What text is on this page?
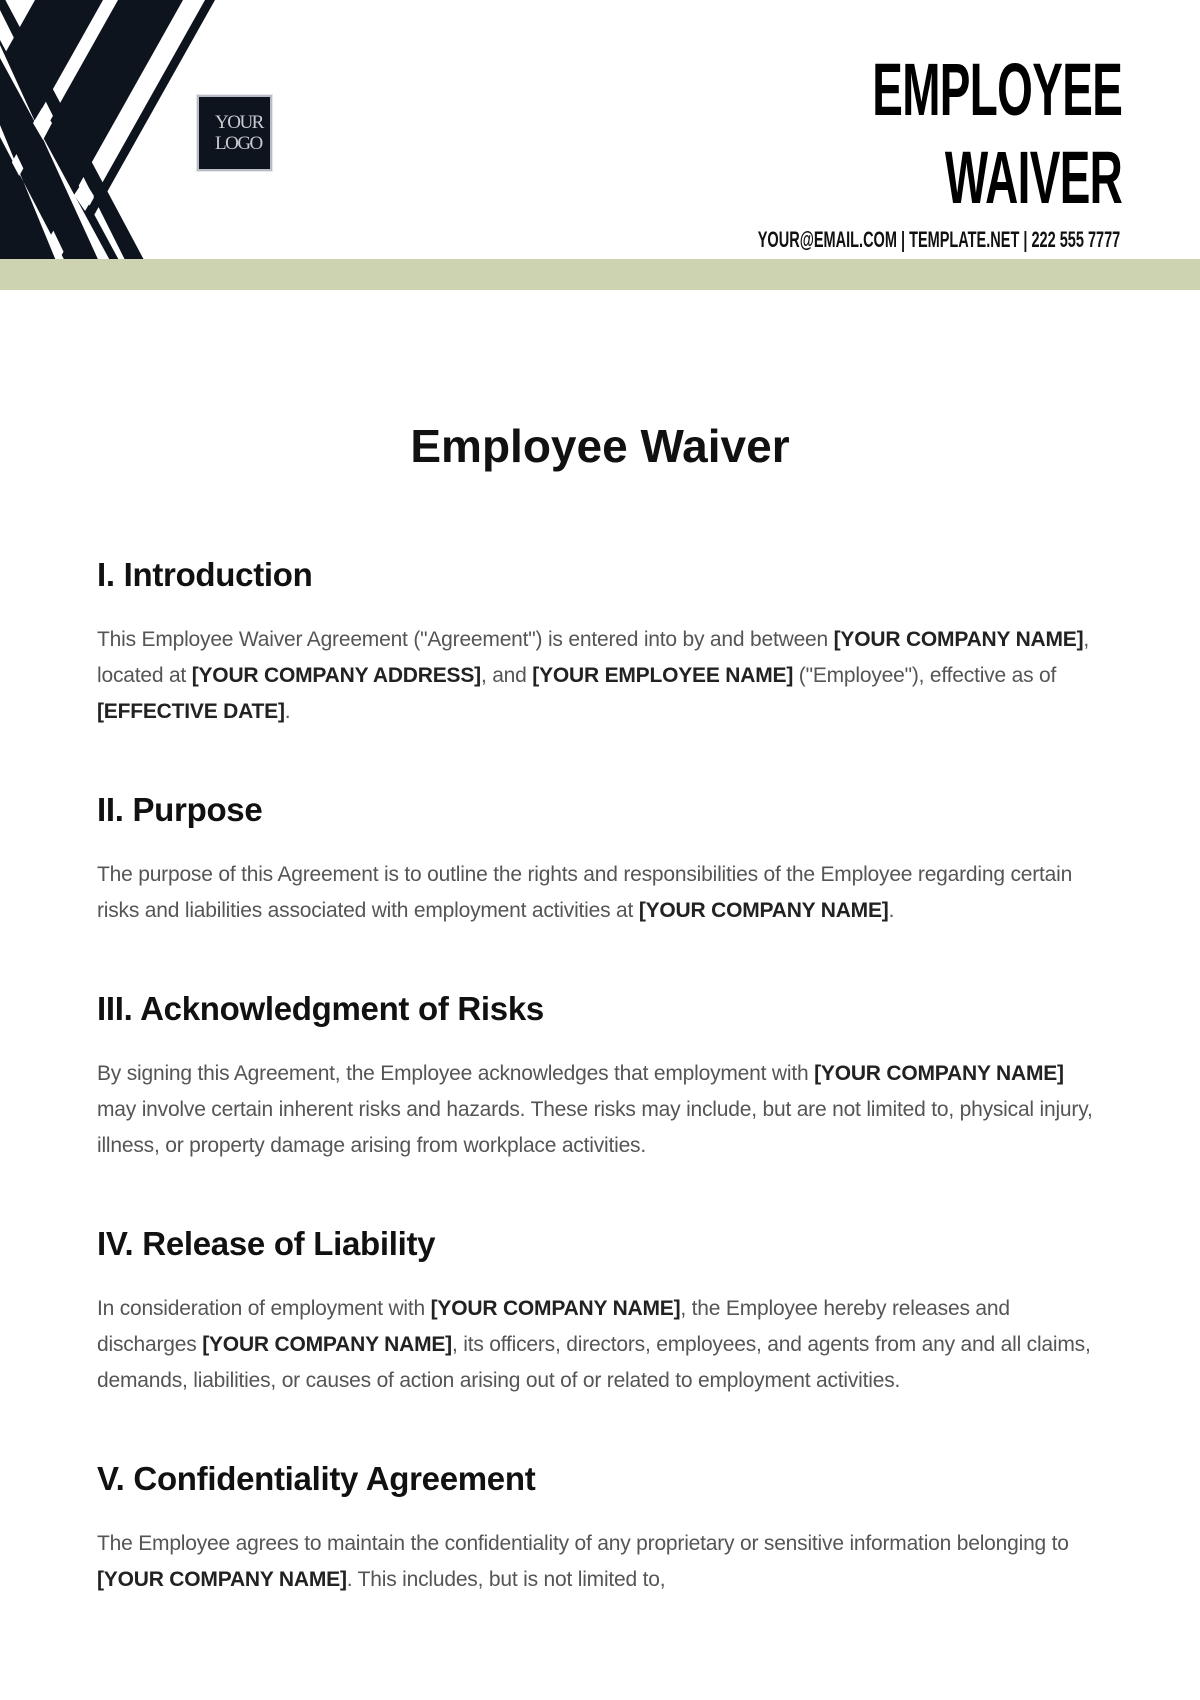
YOUR
LOGO
EMPLOYEE
WAIVER
YOUR@EMAIL.COM | TEMPLATE.NET | 222 555 7777
Employee Waiver
I. Introduction

This Employee Waiver Agreement ("Agreement") is entered into by and between [YOUR COMPANY NAME], located at [YOUR COMPANY ADDRESS], and [YOUR EMPLOYEE NAME] ("Employee"), effective as of [EFFECTIVE DATE].

II. Purpose

The purpose of this Agreement is to outline the rights and responsibilities of the Employee regarding certain risks and liabilities associated with employment activities at [YOUR COMPANY NAME].

III. Acknowledgment of Risks

By signing this Agreement, the Employee acknowledges that employment with [YOUR COMPANY NAME] may involve certain inherent risks and hazards. These risks may include, but are not limited to, physical injury, illness, or property damage arising from workplace activities.

IV. Release of Liability

In consideration of employment with [YOUR COMPANY NAME], the Employee hereby releases and discharges [YOUR COMPANY NAME], its officers, directors, employees, and agents from any and all claims, demands, liabilities, or causes of action arising out of or related to employment activities.

V. Confidentiality Agreement

The Employee agrees to maintain the confidentiality of any proprietary or sensitive information belonging to [YOUR COMPANY NAME]. This includes, but is not limited to,
